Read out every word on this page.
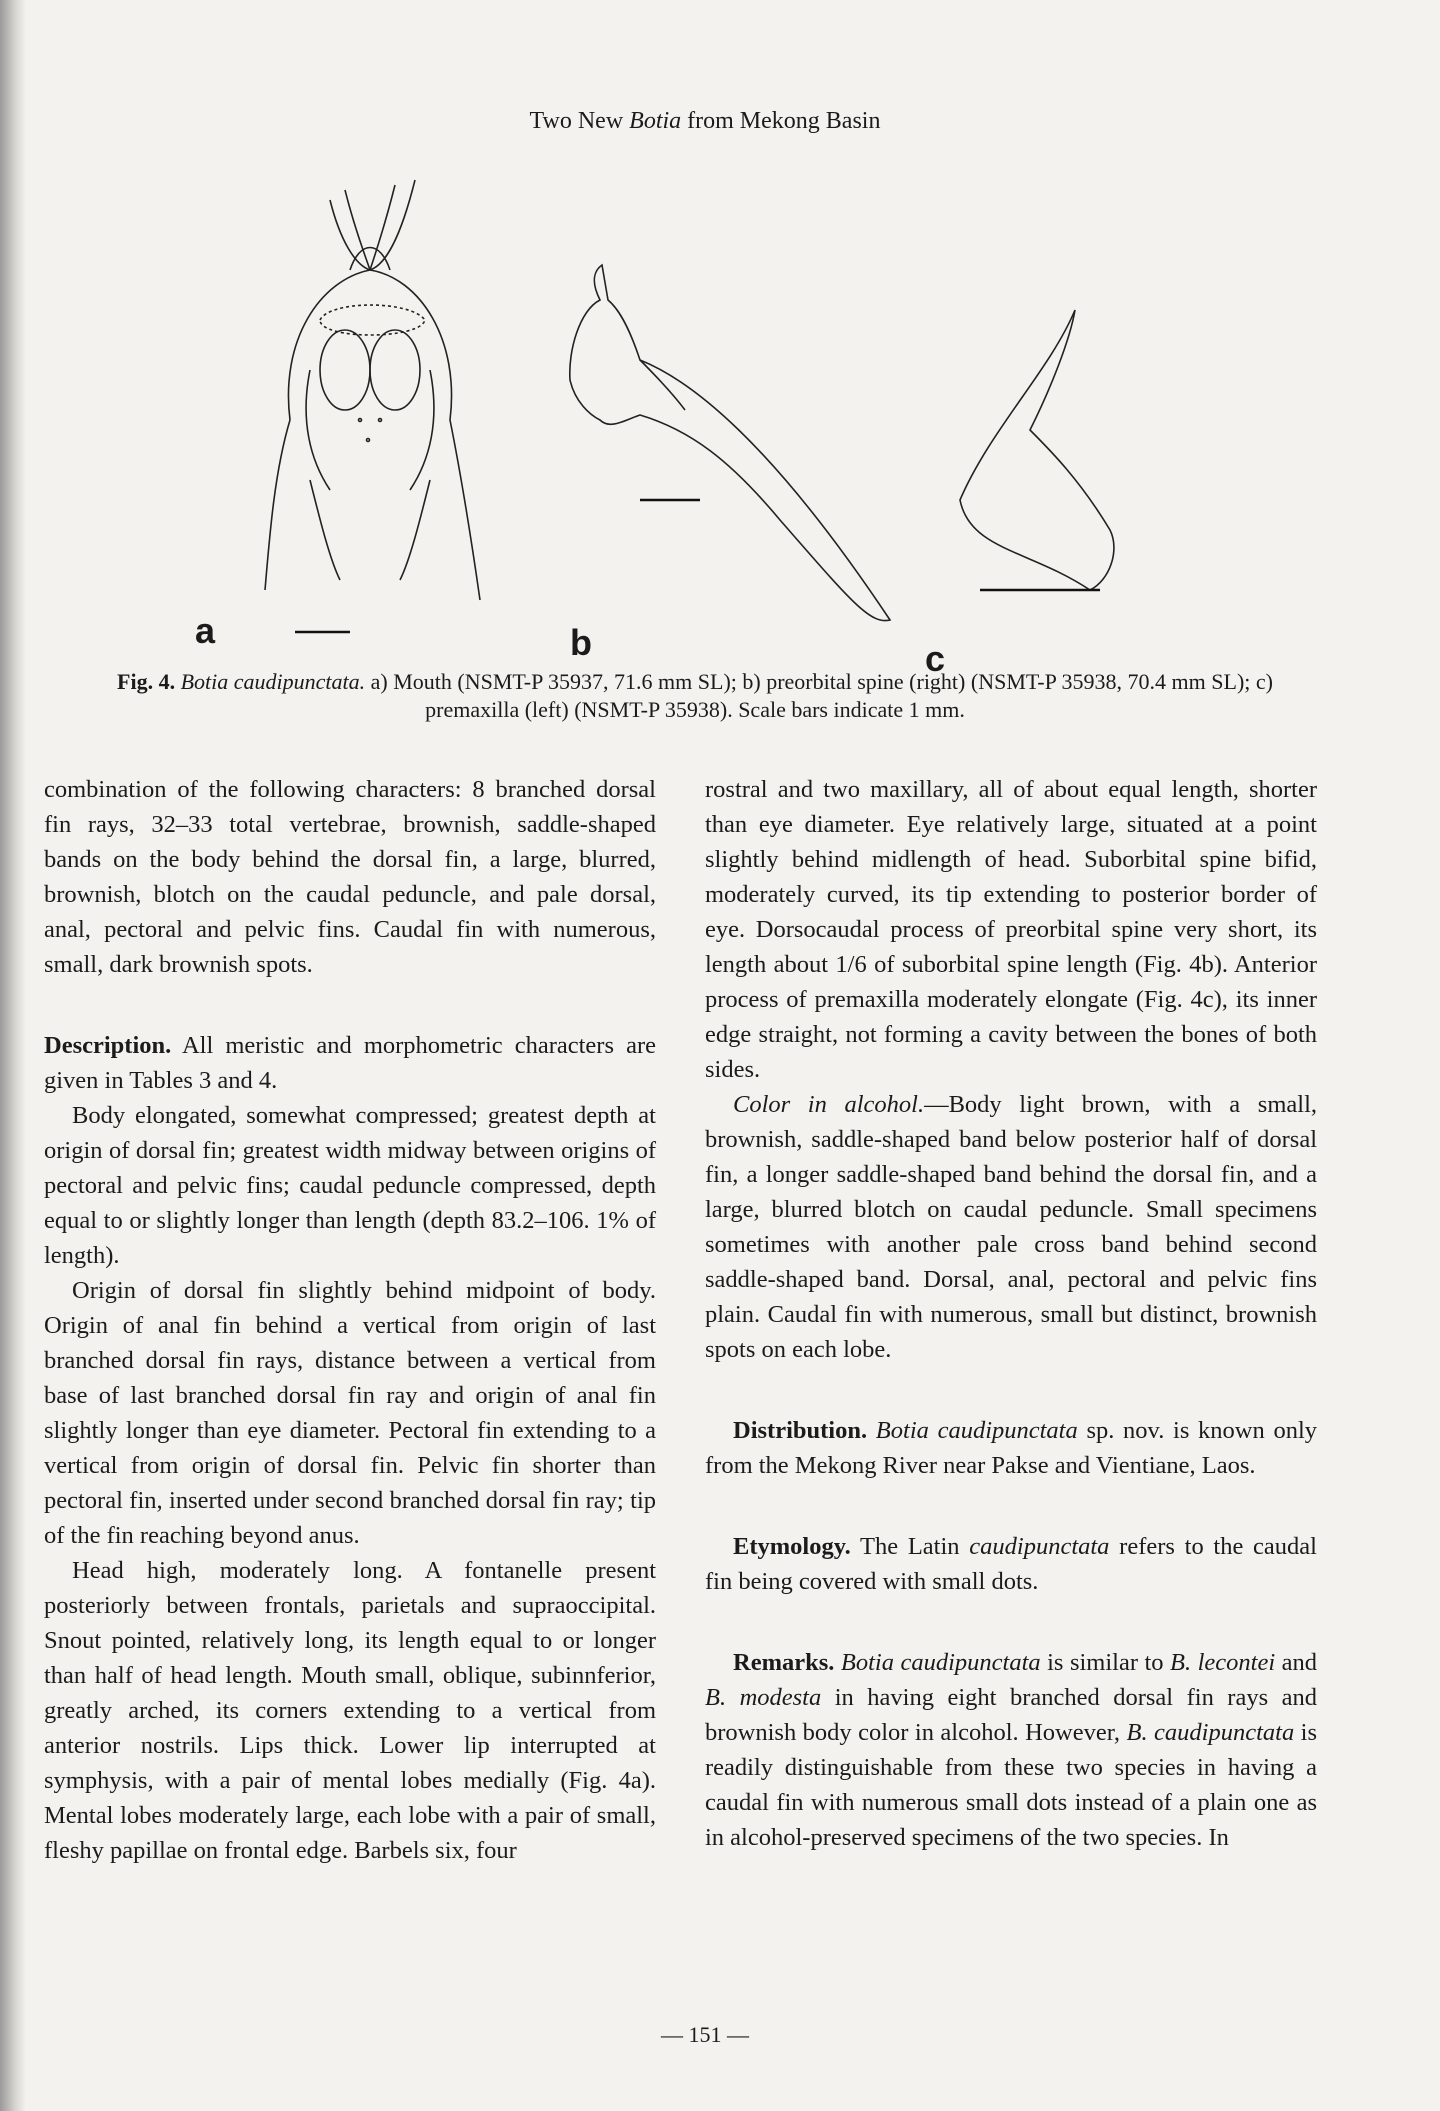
Two New Botia from Mekong Basin
a	b	c
Fig. 4. Botia caudipunctata. a) Mouth (NSMT-P 35937, 71.6 mm SL); b) preorbital spine (right) (NSMT-P 35938, 70.4 mm SL); c) premaxilla (left) (NSMT-P 35938). Scale bars indicate 1 mm.

combination of the following characters: 8 branched dorsal fin rays, 32–33 total vertebrae, brownish, saddle-shaped bands on the body behind the dorsal fin, a large, blurred, brownish, blotch on the caudal peduncle, and pale dorsal, anal, pectoral and pelvic fins. Caudal fin with numerous, small, dark brownish spots.

Description. All meristic and morphometric characters are given in Tables 3 and 4.

Body elongated, somewhat compressed; greatest depth at origin of dorsal fin; greatest width midway between origins of pectoral and pelvic fins; caudal peduncle compressed, depth equal to or slightly longer than length (depth 83.2–106. 1% of length).

Origin of dorsal fin slightly behind midpoint of body. Origin of anal fin behind a vertical from origin of last branched dorsal fin rays, distance between a vertical from base of last branched dorsal fin ray and origin of anal fin slightly longer than eye diameter. Pectoral fin extending to a vertical from origin of dorsal fin. Pelvic fin shorter than pectoral fin, inserted under second branched dorsal fin ray; tip of the fin reaching beyond anus.

Head high, moderately long. A fontanelle present posteriorly between frontals, parietals and supraoccipital. Snout pointed, relatively long, its length equal to or longer than half of head length. Mouth small, oblique, subinnferior, greatly arched, its corners extending to a vertical from anterior nostrils. Lips thick. Lower lip interrupted at symphysis, with a pair of mental lobes medially (Fig. 4a). Mental lobes moderately large, each lobe with a pair of small, fleshy papillae on frontal edge. Barbels six, four

rostral and two maxillary, all of about equal length, shorter than eye diameter. Eye relatively large, situated at a point slightly behind midlength of head. Suborbital spine bifid, moderately curved, its tip extending to posterior border of eye. Dorsocaudal process of preorbital spine very short, its length about 1/6 of suborbital spine length (Fig. 4b). Anterior process of premaxilla moderately elongate (Fig. 4c), its inner edge straight, not forming a cavity between the bones of both sides.

Color in alcohol.—Body light brown, with a small, brownish, saddle-shaped band below posterior half of dorsal fin, a longer saddle-shaped band behind the dorsal fin, and a large, blurred blotch on caudal peduncle. Small specimens sometimes with another pale cross band behind second saddle-shaped band. Dorsal, anal, pectoral and pelvic fins plain. Caudal fin with numerous, small but distinct, brownish spots on each lobe.

Distribution. Botia caudipunctata sp. nov. is known only from the Mekong River near Pakse and Vientiane, Laos.

Etymology. The Latin caudipunctata refers to the caudal fin being covered with small dots.

Remarks. Botia caudipunctata is similar to B. lecontei and B. modesta in having eight branched dorsal fin rays and brownish body color in alcohol. However, B. caudipunctata is readily distinguishable from these two species in having a caudal fin with numerous small dots instead of a plain one as in alcohol-preserved specimens of the two species. In

— 151 —
